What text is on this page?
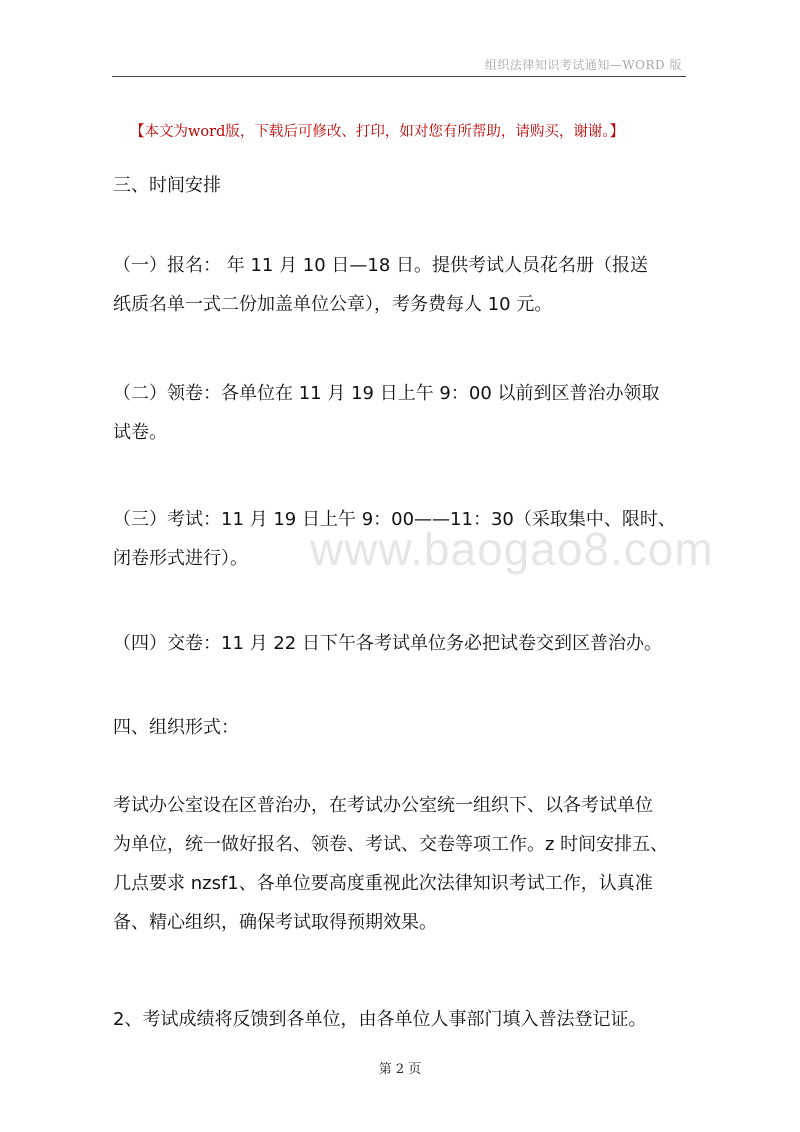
组织法律知识考试通知—WORD 版
【本文为word版，下载后可修改、打印，如对您有所帮助，请购买，谢谢。】
三、时间安排
（一）报名： 年 11 月 10 日—18 日。提供考试人员花名册（报送
纸质名单一式二份加盖单位公章），考务费每人 10 元。
（二）领卷：各单位在 11 月 19 日上午 9：00 以前到区普治办领取
试卷。
（三）考试：11 月 19 日上午 9：00——11：30（采取集中、限时、
闭卷形式进行）。
（四）交卷：11 月 22 日下午各考试单位务必把试卷交到区普治办。
四、组织形式：
考试办公室设在区普治办，在考试办公室统一组织下、以各考试单位
为单位，统一做好报名、领卷、考试、交卷等项工作。z 时间安排五、
几点要求 nzsf1、各单位要高度重视此次法律知识考试工作，认真准
备、精心组织，确保考试取得预期效果。
2、考试成绩将反馈到各单位，由各单位人事部门填入普法登记证。
www.baogao8.com
第 2 页
